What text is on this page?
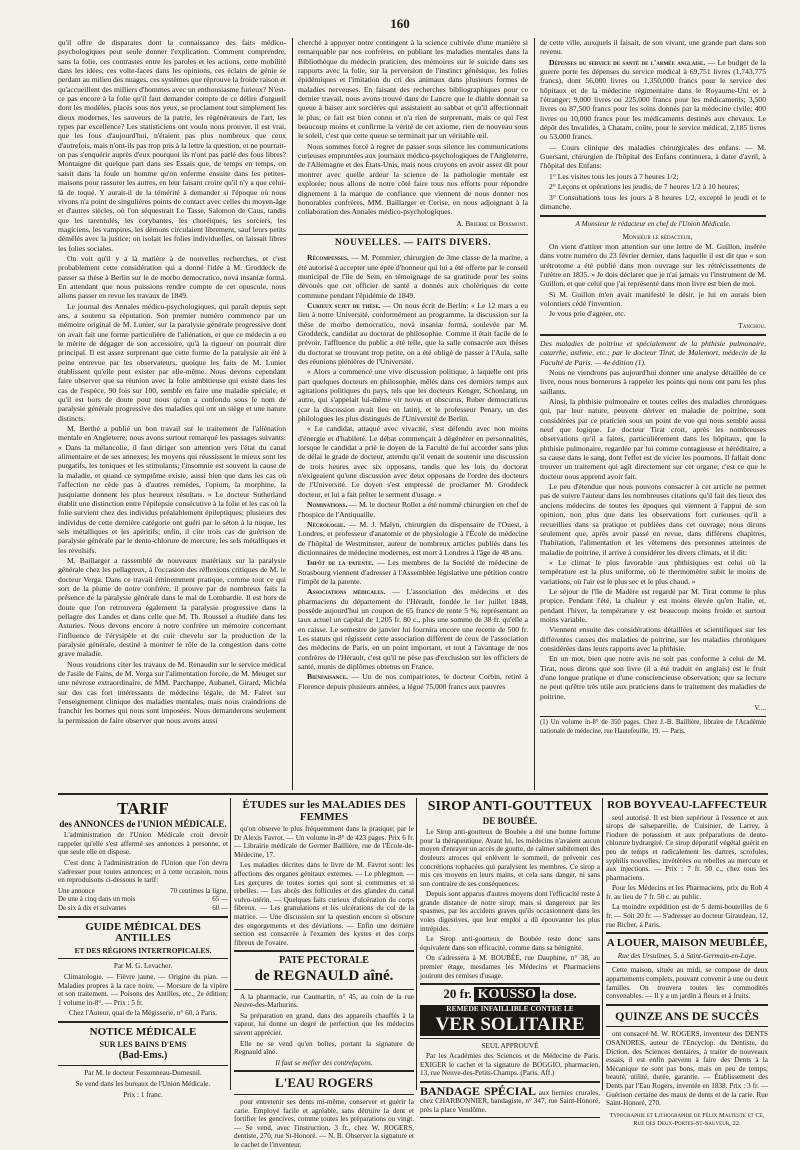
160

qu'il offre de disparates dont la connaissance des faits médico-psychologiques peut seule donner l'explication. Comment comprendre, sans la folie, ces contrastes entre les paroles et les actions, cette mobilité dans les idées, ces volte-faces dans les opinions, ces éclairs de génie se perdant au milieu des nuages, ces systèmes que réprouve la froide raison et qu'accueillent des milliers d'hommes avec un enthousiasme furieux? N'est-ce pas encore à la folie qu'il faut demander compte de ce délire d'orgueil dont les modèles, placés sous nos yeux, se proclament tout simplement les dieux modernes, les sauveurs de la patrie, les régénérateurs de l'art, les types par excellence? Les statisticiens ont voulu nous prouver, il est vrai, que les fous d'aujourd'hui, n'étaient pas plus nombreux que ceux d'autrefois, mais n'ont-ils pas trop pris à la lettre la question, et ne pourrait-on pas s'enquérir auprès d'eux pourquoi ils n'ont pas parlé des fous libres? Montaigne dit quelque part dans ses Essais que, de temps en temps, on saisit dans la foule un homme qu'on enferme ensuite dans les petites-maisons pour rassurer les autres, en leur faisant croire qu'il n'y a que celui-là de toqué. Y aurait-il de la témérité à demander si l'époque où nous vivons n'a point de singulières points de contact avec celles du moyen-âge et d'autres siècles, où l'on séquestrait Le Tasse, Salomon de Caus, tandis que les tarentulés, les corybantes, les choréiques, les sorciers, les magiciens, les vampires, les démons circulaient librement, sauf leurs petits démêlés avec la justice; on isolait les folies individuelles, on laissait libres les folies sociales.

On voit qu'il y a là matière à de nouvelles recherches, et c'est probablement cette considération qui a donné l'idée à M. Groddeck de passer sa thèse à Berlin sur le de morbo democratico, nová insaniæ formá. En attendant que nous puissions rendre compte de cet opuscule, nous allons passer en revue les travaux de 1849.

Le journal des Annales médico-psychologiques, qui paraît depuis sept ans, a soutenu sa réputation. Son premier numéro commence par un mémoire original de M. Lunier, sur la paralysie générale progressive dont on avait fait une forme particulière de l'aliénation, et que ce médecin a eu le mérite de dégager de son accessoire, qu'à la rigueur on pourrait dire principal. Il est assez surprenant que cette forme de la paralysie ait été à peine entrevue par les observateurs, quoique les faits de M. Lunier établissent qu'elle peut exister par elle-même. Nous devons cependant faire observer que sa réunion avec la folie ambitieuse qui existe dans les cas de l'espèce, 90 fois sur 100, semble en faire une maladie spéciale, et qu'il est hors de doute pour nous qu'on a confondu sous le nom de paralysie générale progressive des maladies qui ont un siège et une nature distincts.

M. Berthé a publié un bon travail sur le traitement de l'aliénation mentale en Angleterre; nous avons surtout remarqué les passages suivants: « Dans la mélancolie, il faut diriger son attention vers l'état du canal alimentaire et de ses annexes; les moyens qui réussissent le mieux sont les purgatifs, les toniques et les stimulants; l'insomnie est souvent la cause de la maladie, et quand ce symptôme existe, aussi bien que dans les cas où l'affection ne cède pas à d'autres remèdes, l'opium, la morphine, la jusquiame donnent les plus heureux résultats. » Le docteur Sutherland établit une distinction entre l'épilepsie consécutive à la folie et les cas où la folie survient chez des individus préalablement épileptiques; plusieurs des individus de cette dernière catégorie ont guéri par le séton à la nuque, les sels métalliques et les apéritifs; enfin, il cite trois cas de guérison de paralysie générale par le dento-chlorure de mercure, les sels métalliques et les révulsifs.

M. Baillarger a rassemblé de nouveaux matériaux sur la paralysie générale chez les pellagreux, à l'occasion des réflexions critiques de M. le docteur Verga. Dans ce travail éminemment pratique, comme tout ce qui sort de la plume de notre confrère, il prouve par de nombreux faits la présence de la paralysie générale dans le mal de Lombardie. Il est hors de doute que l'on retrouvera également la paralysie progressive dans la pellagre des Landes et dans celle que M. Th. Roussel a étudiée dans les Asturies. Nous devons encore à notre confrère un mémoire concernant l'influence de l'érysipèle et du cuir chevelu sur la production de la paralysie générale, destiné à montrer le rôle de la congestion dans cette grave maladie.

Nous voudrions citer les travaux de M. Renaudin sur le service médical de l'asile de Fains, de M. Verga sur l'alimentation forcée, de M. Meuget sur une névrose extraordinaire, de MM. Parchappe, Aubanel, Girard, Michéa sur des cas fort intéressants de médecine légale, de M. Falret sur l'enseignement clinique des maladies mentales, mais nous craindrions de franchir les bornes qui nous sont imposées. Nous demanderons seulement la permission de faire observer que nous avons aussi

cherché à appuyer notre contingent à la science cultivée d'une manière si remarquable par nos confrères, en publiant les maladies mentales dans la Bibliothèque du médecin praticien, des mémoires sur le suicide dans ses rapports avec la folie, sur la perversion de l'instinct génésique, les folies épidémiques et l'imitation du cri des animaux dans plusieurs formes de maladies nerveuses. En faisant des recherches bibliographiques pour ce dernier travail, nous avons trouvé dans de Lancre que le diable donnait sa queue à baiser aux sorcières qui assistaient au sabbat et qu'il affectionnait le plus; ce fait est bien connu et n'a rien de surprenant, mais ce qui l'est beaucoup moins et confirme la vérité de cet axiome, rien de nouveau sous le soleil, c'est que cette queue se terminait par un véritable œil.

Nous sommes forcé à regret de passer sous silence les communications curieuses empruntées aux journaux médico-psychologiques de l'Angleterre, de l'Allemagne et des États-Unis, mais nous croyons en avoir assez dit pour montrer avec quelle ardeur la science de la pathologie mentale est explorée; nous allons de notre côté faire tous nos efforts pour répondre dignement à la marque de confiance que viennent de nous donner nos honorables confrères, MM. Baillarger et Cerise, en nous adjoignant à la collaboration des Annales médico-psychologiques.

A. Brierre de Boismont.
NOUVELLES. — FAITS DIVERS.

Récompenses. — M. Pommier, chirurgien de 3me classe de la marine, a été autorisé à accepter une épée d'honneur qui lui a été offerte par le conseil municipal de l'île de Sein, en témoignage de sa gratitude pour les soins dévoués que cet officier de santé a donnés aux cholériques de cette commune pendant l'épidémie de 1849.

Curieux sujet de thèse. — On nous écrit de Berlin: « Le 12 mars a eu lieu à notre Université, conformément au programme, la discussion sur la thèse de morbo democratico, nová insaniæ formá, soulevée par M. Groddeck, candidat au doctorat de philosophie. Comme il était facile de le prévoir, l'affluence du public a été telle, que la salle consacrée aux thèses du doctorat se trouvant trop petite, on a été obligé de passer à l'Aula, salle des réunions plénières de l'Université.

« Alors a commencé une vive discussion politique, à laquelle ont pris part quelques docteurs en philosophie, mêlés dans ces derniers temps aux agitations politiques du pays, tels que les docteurs Kenger, Schonlang, un autre, qui s'appelait lui-même vir novus et obscurus, Ruber democraticus (car la discussion avait lieu en latin), et le professeur Penary, un des philologues les plus distingués de l'Université de Berlin.

« Le candidat, attaqué avec vivacité, s'est défendu avec non moins d'énergie et d'habileté. Le débat commençait à dégénérer en personnalités, lorsque le candidat a prié le doyen de la Faculté de lui accorder sans plus de délai le grade de docteur, attendu qu'il venait de soutenir une discussion de trois heures avec six opposans, tandis que les lois du doctorat n'exigeaient qu'une discussion avec deux opposans de l'ordre des docteurs de l'Université. Le doyen s'est empressé de proclamer M. Groddeck docteur, et lui a fait prêter le serment d'usage. »

Nominations. — M. le docteur Rollet a été nommé chirurgien en chef de l'hospice de l'Antiquaille.

Nécrologie. — M. J. Malyn, chirurgien du dispensaire de l'Ouest, à Londres, et professeur d'anatomie et de physiologie à l'École de médecine de l'hôpital de Westminster, auteur de nombreux articles publiés dans les dictionnaires de médecine modernes, est mort à Londres à l'âge de 48 ans.

Impôt de la patente. — Les membres de la Société de médecine de Strasbourg viennent d'adresser à l'Assemblée législative une pétition contre l'impôt de la patente.

Associations médicales. — L'association des médecins et des pharmaciens du département de l'Hérault, fondée le 1er juillet 1848, possède aujourd'hui un coupon de 65 francs de rente 5 %, représentant au taux actuel un capital de 1,205 fr. 80 c., plus une somme de 38 fr. qu'elle a en caisse. Le semestre de janvier lui fournira encore une recette de 500 fr. Les statuts qui régissent cette association diffèrent de ceux de l'association des médecins de Paris, en un point important, et tout à l'avantage de nos confrères de l'Hérault, c'est qu'il ne pèse pas d'exclusion sur les officiers de santé, munis de diplômes obtenus en France.

Bienfaisance. — Un de nos compatriotes, le docteur Corbin, retiré à Florence depuis plusieurs années, a légué 75,000 francs aux pauvres

de cette ville, auxquels il faisait, de son vivant, une grande part dans son revenu.

Dépenses du service de santé de l'armée anglaise. — Le budget de la guerre porte les dépenses du service médical à 69,751 livres (1,743,775 francs), dont 56,000 livres ou 1,350,000 francs pour le service des hôpitaux et de la médecine régimentaire dans le Royaume-Uni et à l'étranger; 9,000 livres ou 225,000 francs pour les médicaments; 3,500 livres ou 87,500 francs pour les soins donnés par la médecine civile; 400 livres ou 10,000 francs pour les médicaments destinés aux chevaux. Le dépôt des Invalides, à Chatam, coûte, pour le service médical, 2,185 livres ou 53,000 francs.

— Cours clinique des maladies chirurgicales des enfans. — M. Guersant, chirurgien de l'hôpital des Enfans continuera, à dater d'avril, à l'hôpital des Enfans:

1° Les visites tous les jours à 7 heures 1/2;

2° Leçons et opérations les jeudis, de 7 heures 1/2 à 10 heures;

3° Consultations tous les jours à 8 heures 1/2, excepté le jeudi et le dimanche.

A Monsieur le rédacteur en chef de l'Union Médicale.

Monsieur le rédacteur,

On vient d'attirer mon attention sur une lettre de M. Guillon, insérée dans votre numéro du 23 février dernier, dans laquelle il est dit que « son urétrotome a été publié dans mon ouvrage sur les rétrécissements de l'urètre en 1835. » Je dois déclarer que je n'ai jamais vu l'instrument de M. Guillon, et que celui que j'ai représenté dans mon livre est bien de moi.

Si M. Guillon m'en avait manifesté le désir, je lui en aurais bien volontiers cédé l'invention.

Je vous prie d'agréer, etc.

Tanchou.

Des maladies de poitrine et spécialement de la phthisie pulmonaire, catarrhe, asthme, etc.; par le docteur Tirat, de Malemort, médecin de la Faculté de Paris. — 4e édition (1).

Nous ne viendrons pas aujourd'hui donner une analyse détaillée de ce livre, nous nous bornerons à rappeler les points qui nous ont paru les plus saillants.

Ainsi, la phthisie pulmonaire et toutes celles des maladies chroniques qui, par leur nature, peuvent dériver en maladie de poitrine, sont considérées par ce praticien sous un point de vue qui nous semble aussi neuf que logique. Le docteur Tirat croit, après les nombreuses observations qu'il a faites, particulièrement dans les hôpitaux, que la phthisie pulmonaire, regardée par lui comme contagieuse et héréditaire, a sa cause dans le sang, dont l'effet est de vicier les poumons. Il fallait donc trouver un traitement qui agît directement sur cet organe; c'est ce que le docteur nous apprend avoir fait.

Le peu d'étendue que nous pouvons consacrer à cet article ne permet pas de suivre l'auteur dans les nombreuses citations qu'il fait des lieux des anciens médecins de toutes les époques qui viennent à l'appui de son opinion, non plus que dans les observations fort curieuses qu'il a recueillies dans sa pratique et publiées dans cet ouvrage; nous dirons seulement que, après avoir passé en revue, dans différens chapitres, l'habitation, l'alimentation et les vêtemens des personnes atteintes de maladie de poitrine, il arrive à considérer les divers climats, et il dit:

« Le climat le plus favorable aux phthisiques est celui où la température est la plus uniforme, où le thermomètre subit le moins de variations, où l'air est le plus sec et le plus chaud. »

Le séjour de l'île de Madère est regardé par M. Tirat comme le plus propice. Pendant l'été, la chaleur y est moins élevée qu'en Italie, et, pendant l'hiver, la température y est beaucoup moins froide et surtout moins variable.

Viennent ensuite des considérations détaillées et scientifiques sur les différentes causes des maladies de poitrine, sur les maladies chroniques considérées dans leurs rapports avec la phthisie.

En un mot, bien que notre avis ne soit pas conforme à celui de M. Tirat, nous dirons que son livre (il a été traduit en anglais) est le fruit d'une longue pratique et d'une consciencieuse observation; que sa lecture ne peut qu'être très utile aux praticiens dans le traitement des maladies de poitrine.

V....
(1) Un volume in-8° de 350 pages. Chez J.-B. Baillière, libraire de l'Académie nationale de médecine, rue Hautefeuille, 19. — Paris.
TARIF
des ANNONCES de l'UNION MÉDICALE.

L'administration de l'Union Médicale croit devoir rappeler qu'elle s'est affermé ses annonces à personne, et que seule elle en dispose.

C'est donc à l'administration de l'Union que l'on devra s'adresser pour toutes annonces; et à cette occasion, nous en reproduisons ci-dessous le tarif:

Une annonce	70 centimes la ligne.
De une à cinq dans un mois	65 —
De six à dix et suivantes	60 —
GUIDE MÉDICAL DES ANTILLES
ET DES RÉGIONS INTERTROPICALES.

Par M. G. Levacher.

Climatologie. — Fièvre jaune. — Origine du pian. — Maladies propres à la race noire. — Morsure de la vipère et son traitement. — Poisons des Antilles, etc., 2e édition; 1 volume in-8°. — Prix : 5 fr.

Chez l'Auteur, quai de la Mégisserie, n° 60, à Paris.

NOTICE MÉDICALE
SUR LES BAINS D'EMS
(Bad-Ems.)

Par M. le docteur Fessonneau-Dumesnil.

Se vend dans les bureaux de l'Union Médicale.

Prix : 1 franc.

ÉTUDES sur les MALADIES DES FEMMES

qu'on observe le plus fréquemment dans la pratique; par le Dr Alexis Favrot. — Un volume in-8° de 423 pages. Prix 6 fr. — Librairie médicale de Germer Baillière, rue de l'École-de-Médecine, 17.

Les maladies décrites dans le livre de M. Favrot sont: les affections des organes génitaux externes. — Le phlegmon. — Les gerçures de toutes sortes qui sont si communes et si rebelles. — Les abcès des follicules et des glandes du canal vulvo-utérin. — Quelques faits curieux d'ulcération du corps fibreux. — Les granulations et les ulcérations du col de la matrice. — Une discussion sur la question encore si obscure des engorgements et des déviations. — Enfin une dernière section est consacrée à l'examen des kystes et des corps fibreux de l'ovaire.

PATE PECTORALE
de REGNAULD aîné.

A la pharmacie, rue Caumartin, n° 45, au coin de la rue Neuve-des-Mathurins.

Sa préparation en grand, dans des appareils chauffés à la vapeur, lui donne un degré de perfection que les médecins savent apprécier.

Elle ne se vend qu'en boîtes, portant la signature de Regnauld aîné.

Il faut se méfier des contrefaçons.

L'EAU ROGERS

pour entretenir ses dents mi-même, conserver et guérir la carie. Employé facile et agréable, sans détruire la dent et fortifier les gencives, comme toutes les préparations ou vingt. — Se vend, avec l'instruction, 3 fr., chez W. ROGERS, dentiste, 270, rue St-Honoré. — N. B. Observer la signature et le cachet de l'inventeur.

SIROP ANTI-GOUTTEUX
DE BOUBÉE.

Le Sirop anti-goutteux de Boubée a été une bonne fortune pour la thérapeutique. Avant lui, les médecins n'avaient aucun moyen d'enrayer un accès de goutte, de calmer subitement des douleurs atroces qui enlèvent le sommeil, de prévenir ces concrétions tophacées qui paralysent les membres. Ce sirop a mis ces moyens en leurs mains, et cela sans danger, ni sans son contraire de ses conséquences.

Depuis sont apparus d'autres moyens dont l'efficacité reste à grande distance de notre sirop; mais si dangereux par les spasmes, par les accidens graves qu'ils occasionnent dans les voies digestives, que leur emploi a dû épouvanter les plus intrépides.

Le Sirop anti-goutteux de Boubée reste donc sans équivalent dans son efficacité, comme dans sa bénignité.

On s'adressera à M. BOUBÉE, rue Dauphine, n° 38, au premier étage, mesdames les Médecins et Pharmaciens jouiront des remises d'usage.

20 fr. KOUSSO la dose.
REMÈDE INFAILLIBLE CONTRE LE
VER SOLITAIRE

SEUL APPROUVÉ

Par les Académies des Sciences et de Médecine de Paris. EXIGER le cachet et la signature de BOGGIO, pharmacien, 13, rue Neuve-des-Petits-Champs. (Paris. Aff.)

BANDAGE SPÉCIAL aux hernies crurales, chez CHARBONNIER, bandagiste, n° 347, rue Saint-Honoré, près la place Vendôme.
ROB BOYVEAU-LAFFECTEUR

seul autorisé. Il est bien supérieur à l'essence et aux sirops de salsepareille, de Cuisinier, de Larrey, à l'iodure de potassium et aux préparations de deuto-chlorure hydrargiré. Ce sirop dépuratif végétal guérit en peu de temps et radicalement les dartres, scrofules, syphilis nouvelles, invétérées ou rebelles au mercure et aux injections. — Prix : 7 fr. 50 c., chez tous les pharmaciens.

Pour les Médecins et les Pharmaciens, prix du Rob 4 fr. au lieu de 7 fr. 50 c. au public.

La moindre expédition est de 5 demi-bouteilles de 6 fr. — Soit 20 fr. — S'adresser au docteur Giraudeau, 12, rue Richer, à Paris.

A LOUER, MAISON MEUBLÉE,
Rue des Ursulines, 5, à Saint-Germain-en-Laye.

Cette maison, située au midi, se compose de deux appartements complets, pouvant convenir à une ou deux familles. On trouvera toutes les commodités convenables. — Il y a un jardin à fleurs et à fruits.

QUINZE ANS DE SUCCÈS

ont consacré M. W. ROGERS, inventeur des DENTS OSANORES, auteur de l'Encyclop. du Dentiste, du Diction. des Sciences dentaires, à traiter de nouveaux essais, il est enfin parvenu à faire des Dents à la Mécanique ne sont pas bons, mais en peu de temps; beauté, utilité, durée, garantie. — Établissement des Dents par l'Eau Rogers, inventée en 1838. Prix : 3 fr. — Guérison certaine des maux de dents et de la carie. Rue Saint-Honoré, 270.

Typographie et Lithographie de Félix Malteste et Ce, Rue des Deux-Portes-St-Sauveur, 22.
